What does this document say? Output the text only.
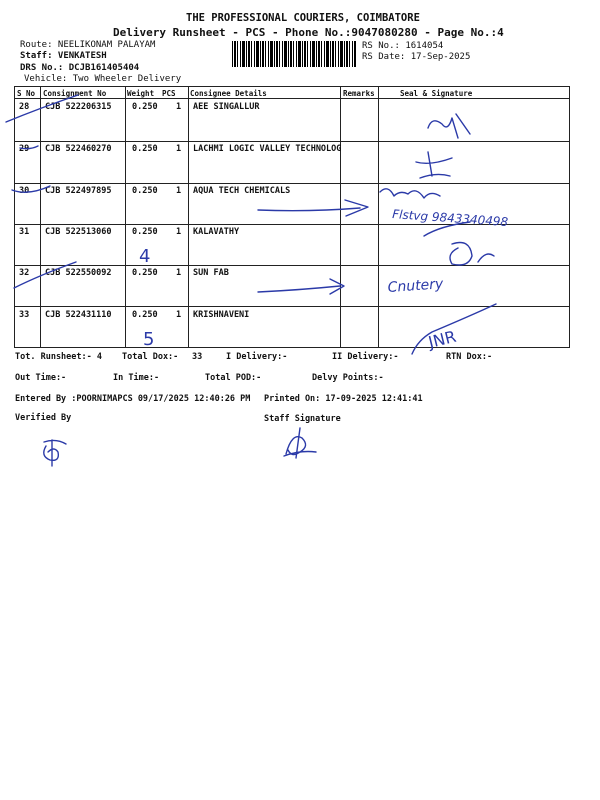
THE PROFESSIONAL COURIERS, COIMBATORE
Delivery Runsheet - PCS - Phone No.:9047080280 - Page No.:4
Route: NEELIKONAM PALAYAM
Staff: VENKATESH
DRS No.: DCJB161405404
Vehicle: Two Wheeler Delivery
RS No.: 1614054
RS Date: 17-Sep-2025
S No Consignment No	Weight PCS Consignee Details	Remarks	Seal & Signature
28 CJB 522206315 0.250 1 AEE SINGALLUR
29 CJB 522460270 0.250 1 LACHMI LOGIC VALLEY TECHNOLOG
30 CJB 522497895 0.250 1 AQUA TECH CHEMICALS
31 CJB 522513060 0.250 1 KALAVATHY
32 CJB 522550092 0.250 1 SUN FAB
33 CJB 522431110 0.250 1 KRISHNAVENI
Tot. Runsheet:- 4 Total Dox:- 33	I Delivery:-	II Delivery:-	RTN Dox:-
Out Time:-	In Time:-	Total POD:-	Delvy Points:-
Entered By :POORNIMAPCS 09/17/2025 12:40:26 PM Printed On: 17-09-2025 12:41:41
Verified By	Staff Signature
Flstvg 9843340498
4
Cnutery
5	JNR
